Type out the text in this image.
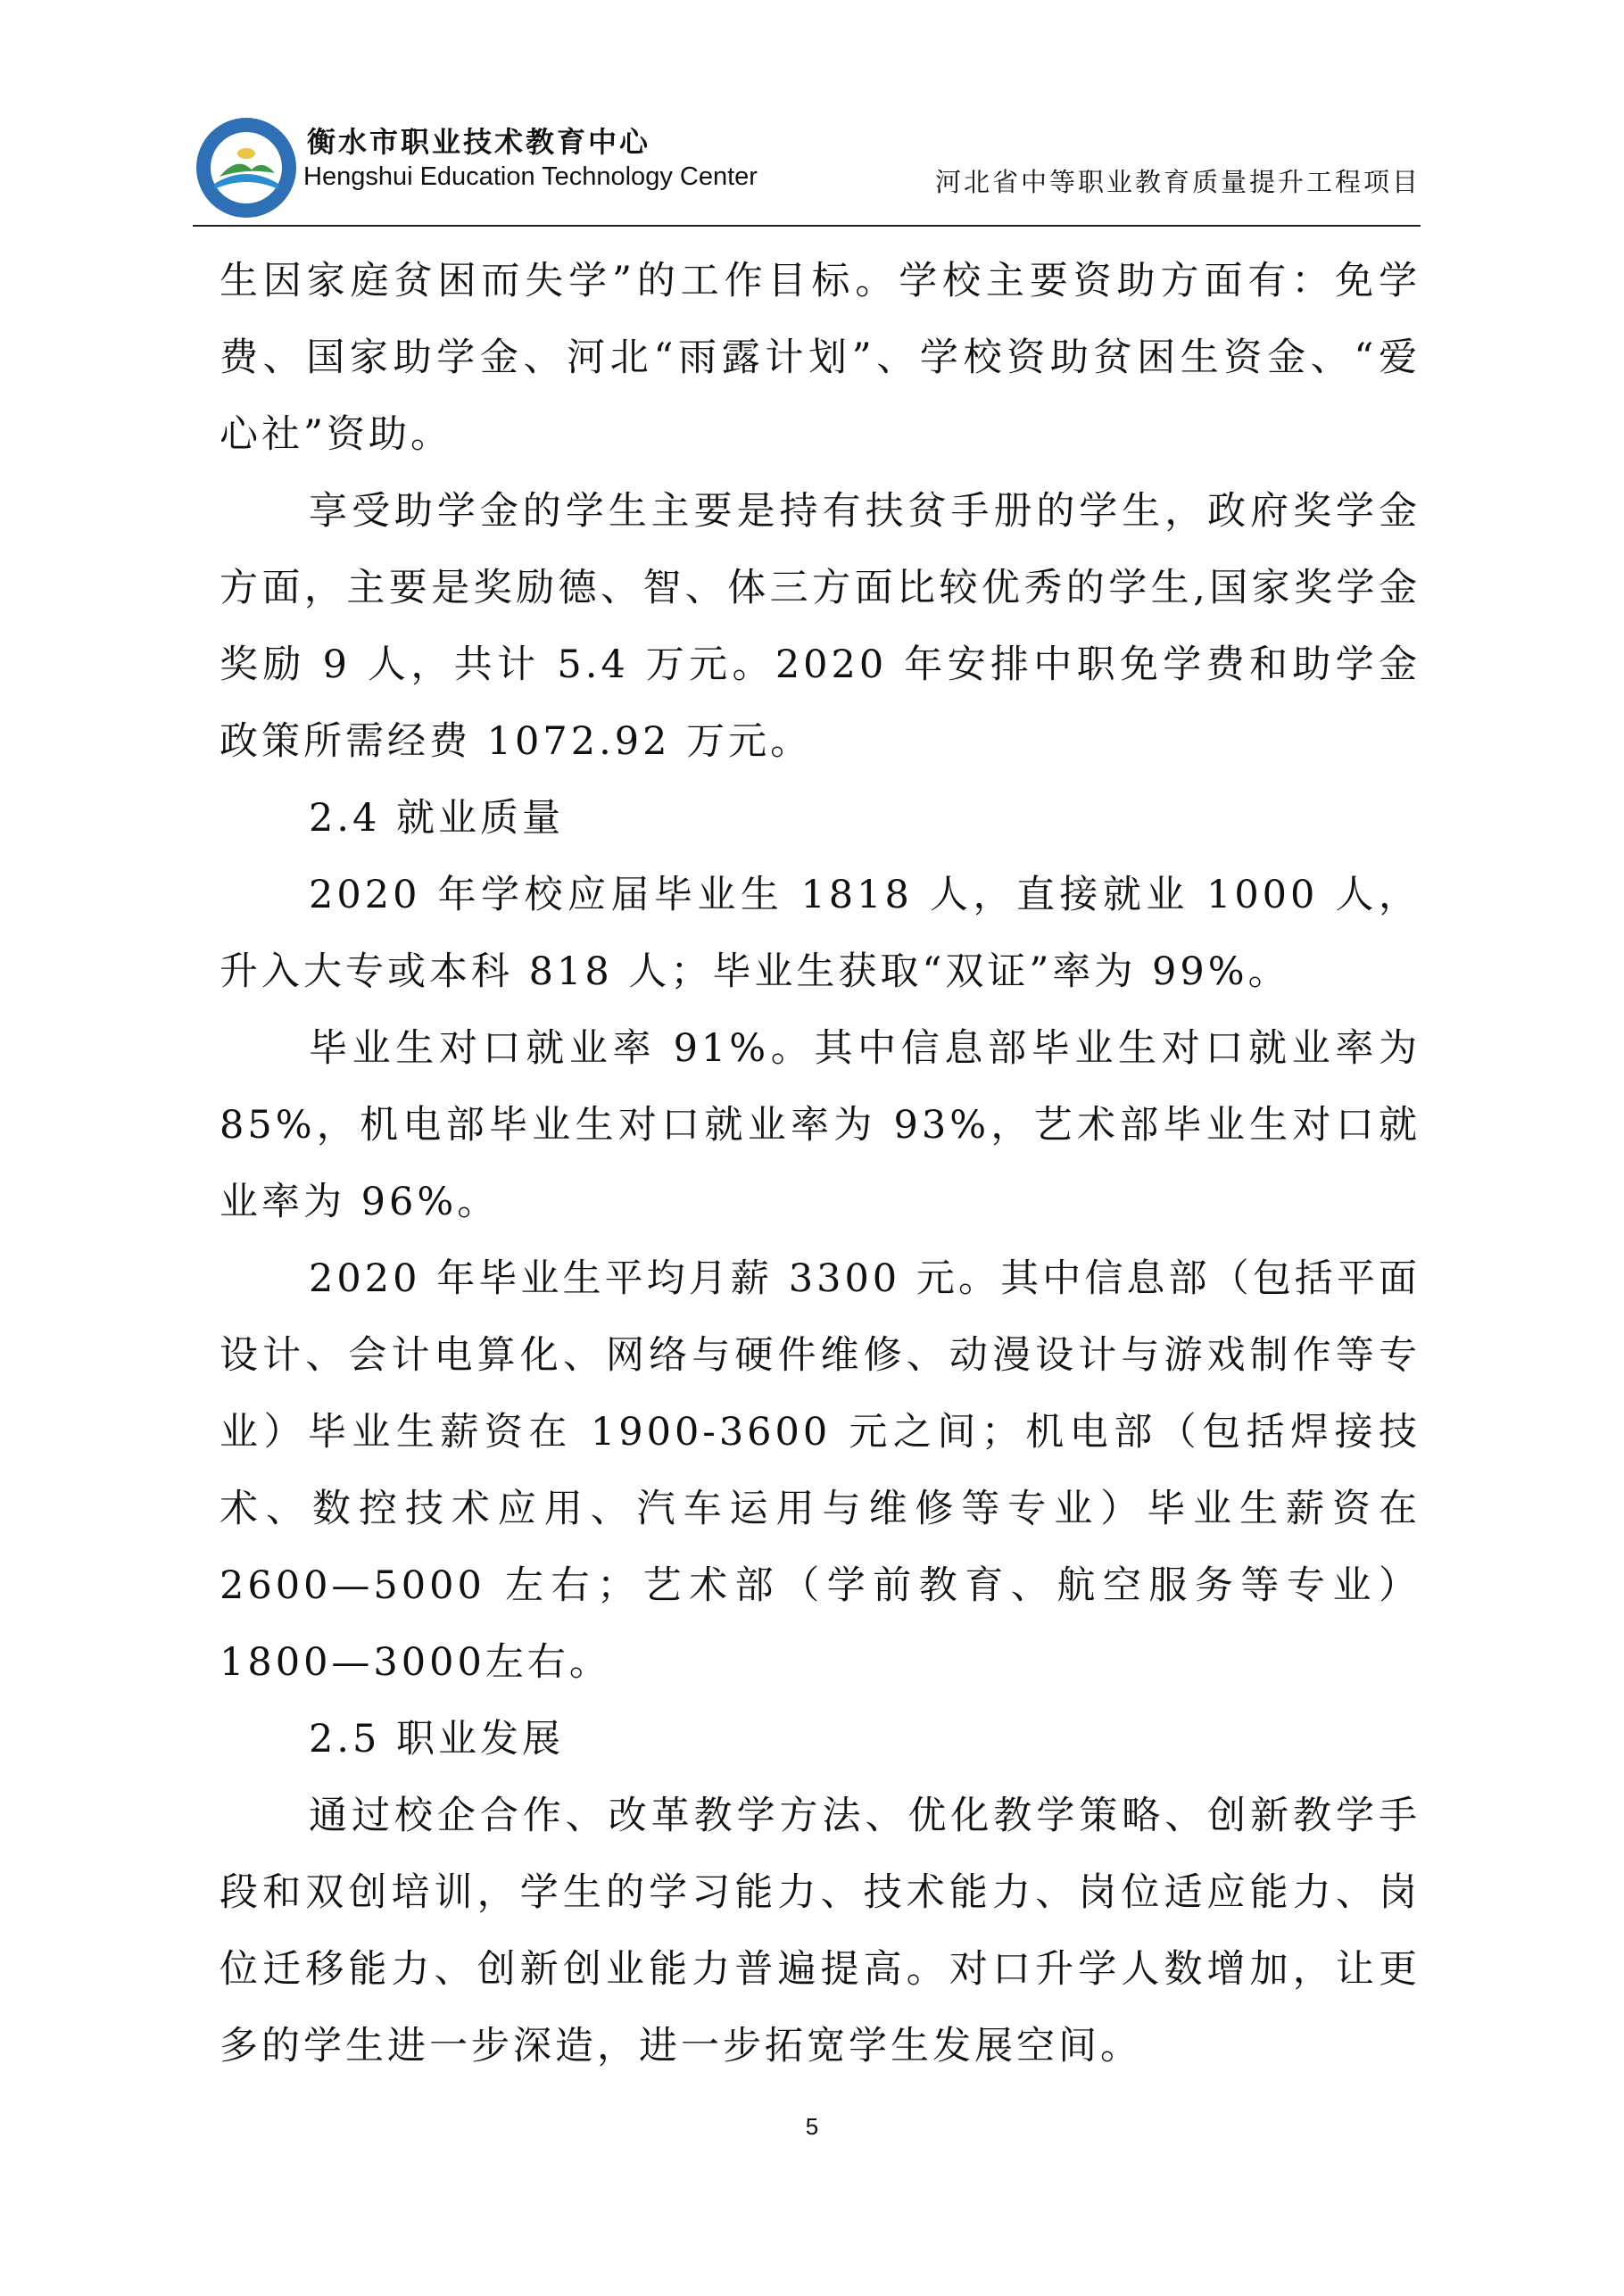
衡水市职业技术教育中心
Hengshui Education Technology Center	河北省中等职业教育质量提升工程项目

生因家庭贫困而失学”的工作目标。学校主要资助方面有：免学费、国家助学金、河北“雨露计划”、学校资助贫困生资金、“爱心社”资助。

享受助学金的学生主要是持有扶贫手册的学生，政府奖学金方面，主要是奖励德、智、体三方面比较优秀的学生,国家奖学金奖励 9 人，共计 5.4 万元。2020 年安排中职免学费和助学金政策所需经费 1072.92 万元。

2.4 就业质量

2020 年学校应届毕业生 1818 人，直接就业 1000 人，升入大专或本科 818 人；毕业生获取“双证”率为 99%。

毕业生对口就业率 91%。其中信息部毕业生对口就业率为85%，机电部毕业生对口就业率为 93%，艺术部毕业生对口就业率为 96%。

2020 年毕业生平均月薪 3300 元。其中信息部（包括平面设计、会计电算化、网络与硬件维修、动漫设计与游戏制作等专业）毕业生薪资在 1900-3600 元之间；机电部（包括焊接技术、数控技术应用、汽车运用与维修等专业）毕业生薪资在 2600—5000 左右；艺术部（学前教育、航空服务等专业）1800—3000左右。

2.5 职业发展

通过校企合作、改革教学方法、优化教学策略、创新教学手段和双创培训，学生的学习能力、技术能力、岗位适应能力、岗位迁移能力、创新创业能力普遍提高。对口升学人数增加，让更多的学生进一步深造，进一步拓宽学生发展空间。

5
